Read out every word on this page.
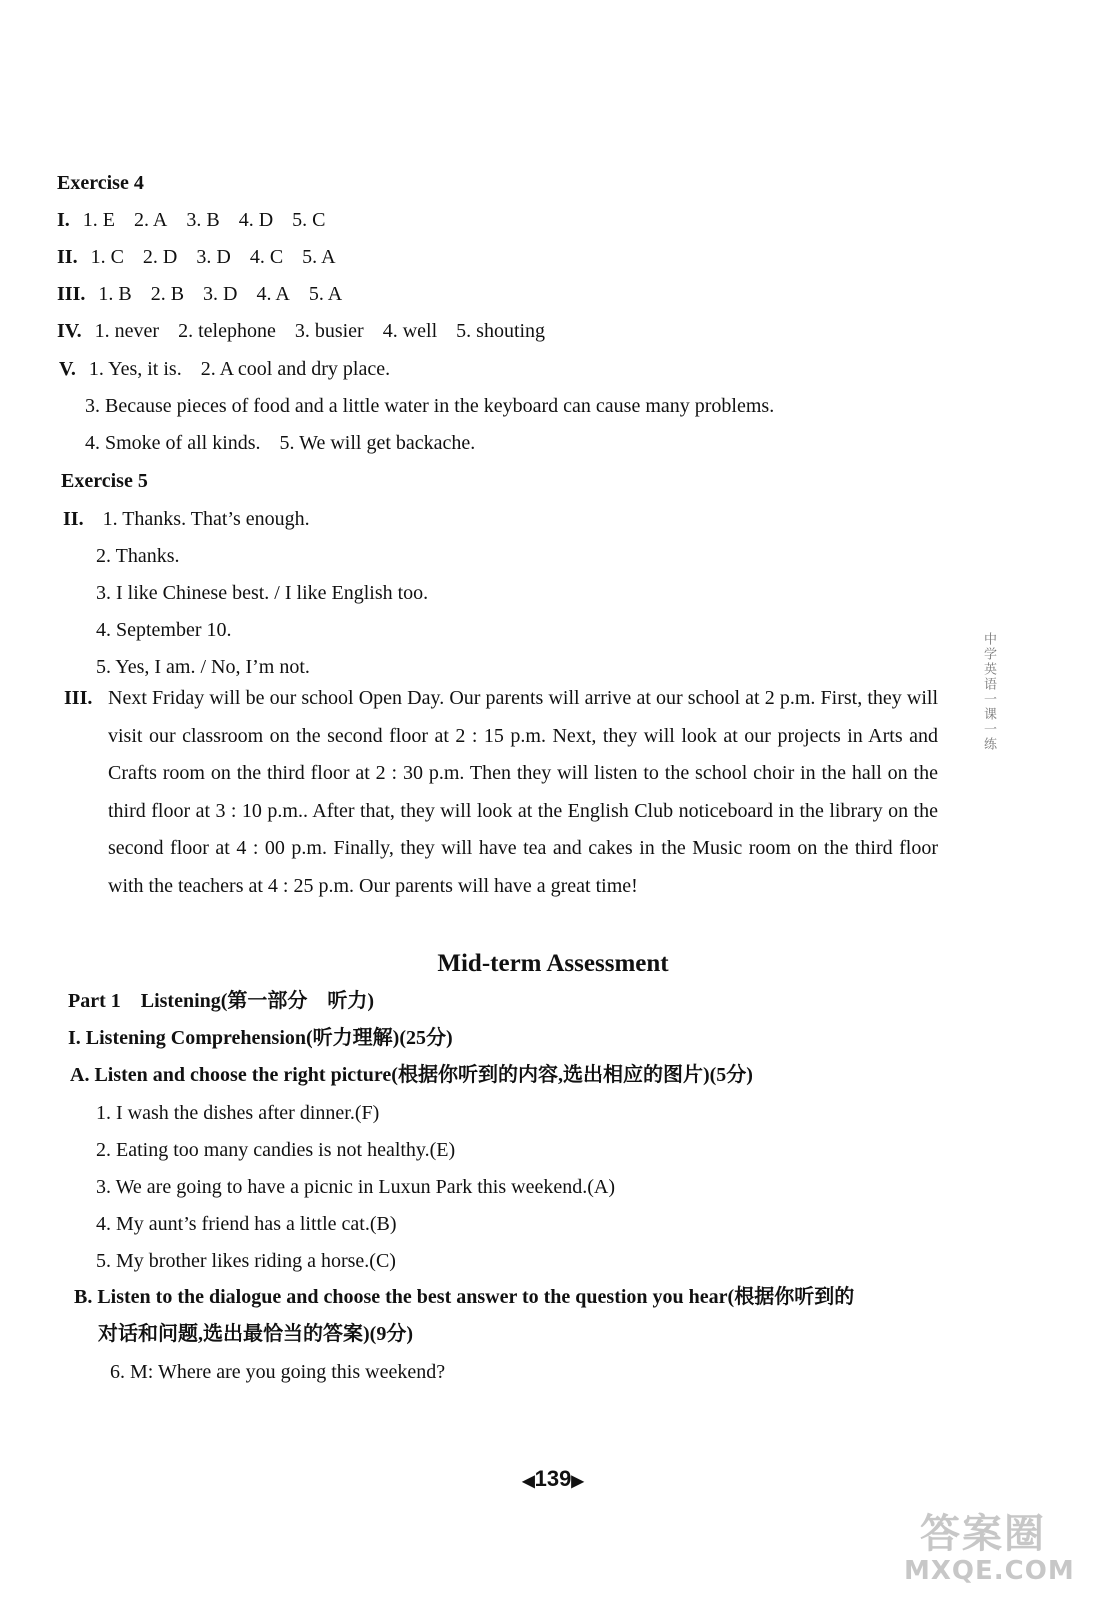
Exercise 4
I. 1. E 2. A 3. B 4. D 5. C
II. 1. C 2. D 3. D 4. C 5. A
III. 1. B 2. B 3. D 4. A 5. A
IV. 1. never 2. telephone 3. busier 4. well 5. shouting
V. 1. Yes, it is. 2. A cool and dry place.
3. Because pieces of food and a little water in the keyboard can cause many problems.
4. Smoke of all kinds. 5. We will get backache.
Exercise 5
II. 1. Thanks. That’s enough.
2. Thanks.
3. I like Chinese best. / I like English too.
4. September 10.
5. Yes, I am. / No, I’m not.
III. Next Friday will be our school Open Day. Our parents will arrive at our school at 2 p.m. First, they will visit our classroom on the second floor at 2 : 15 p.m. Next, they will look at our projects in Arts and Crafts room on the third floor at 2 : 30 p.m. Then they will listen to the school choir in the hall on the third floor at 3 : 10 p.m.. After that, they will look at the English Club noticeboard in the library on the second floor at 4 : 00 p.m. Finally, they will have tea and cakes in the Music room on the third floor with the teachers at 4 : 25 p.m. Our parents will have a great time!
Mid-term Assessment
Part 1　Listening(第一部分　听力)
I. Listening Comprehension(听力理解)(25分)
A. Listen and choose the right picture(根据你听到的内容,选出相应的图片)(5分)
1. I wash the dishes after dinner.(F)
2. Eating too many candies is not healthy.(E)
3. We are going to have a picnic in Luxun Park this weekend.(A)
4. My aunt’s friend has a little cat.(B)
5. My brother likes riding a horse.(C)
B. Listen to the dialogue and choose the best answer to the question you hear(根据你听到的
对话和问题,选出最恰当的答案)(9分)
6. M: Where are you going this weekend?
中学英语一课一练
◀139▶
答案圈
MXQE.COM
